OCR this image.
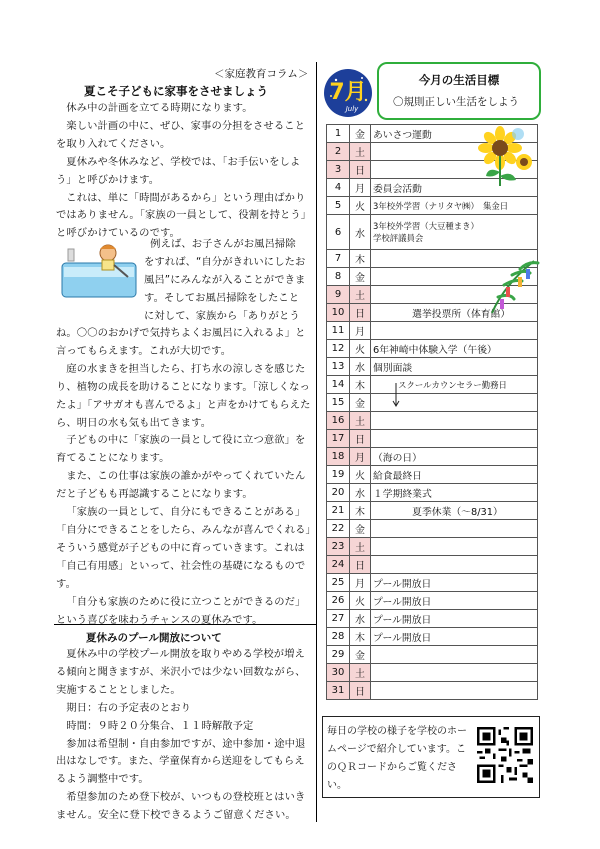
＜家庭教育コラム＞
夏こそ子どもに家事をさせましょう

休み中の計画を立てる時期になります。

楽しい計画の中に、ぜひ、家事の分担をさせることを取り入れてください。

夏休みや冬休みなど、学校では、「お手伝いをしよう」と呼びかけます。

これは、単に「時間があるから」という理由ばかりではありません。「家族の一員として、役割を持とう」と呼びかけているのです。

例えば、お子さんがお風呂掃除

をすれば、“自分がきれいにしたお

風呂”にみんなが入ることができま

す。そしてお風呂掃除をしたこと

に対して、家族から「ありがとう

ね。〇〇のおかげで気持ちよくお風呂に入れるよ」と言ってもらえます。これが大切です。

庭の水まきを担当したら、打ち水の涼しさを感じたり、植物の成長を助けることになります。「涼しくなったよ」「アサガオも喜んでるよ」と声をかけてもらえたら、明日の水も気も出てきます。

子どもの中に「家族の一員として役に立つ意欲」を育てることになります。

また、この仕事は家族の誰かがやってくれていたんだと子どもも再認識することになります。

「家族の一員として、自分にもできることがある」「自分にできることをしたら、みんなが喜んでくれる」そういう感覚が子どもの中に育っていきます。これは「自己有用感」といって、社会性の基礎になるものです。

「自分も家族のために役に立つことができるのだ」という喜びを味わうチャンスの夏休みです。

夏休みのプール開放について

夏休み中の学校プール開放を取りやめる学校が増える傾向と聞きますが、米沢小では少ない回数ながら、実施することとしました。

期日：右の予定表のとおり

時間：９時２０分集合、１１時解散予定

参加は希望制・自由参加ですが、途中参加・途中退出はなしです。また、学童保育から送迎をしてもらえるよう調整中です。

希望参加のため登下校が、いつもの登校班とはいきません。安全に登下校できるようご留意ください。

7月
July
今月の生活目標
〇規則正しい生活をしよう
1	金	あいさつ運動

2	土	

3	日	

4	月	委員会活動

5	火	3年校外学習（ナリタヤ㈱）　集金日

6	水	3年校外学習（大豆種まき）
学校評議員会

7	木	

8	金	

9	土	

10	日	　　　　選挙投票所（体育館）

11	月	

12	火	6年神崎中体験入学（午後）

13	水	個別面談

14	木	　　　スクールカウンセラー勤務日

15	金	

16	土	

17	日	

18	月	（海の日）

19	火	給食最終日

20	水	１学期終業式

21	木	　　　　夏季休業（～8/31）

22	金	

23	土	

24	日	

25	月	プール開放日

26	火	プール開放日

27	水	プール開放日

28	木	プール開放日

29	金	

30	土	

31	日	
毎日の学校の様子を学校のホームページで紹介しています。このＱＲコードからご覧ください。
